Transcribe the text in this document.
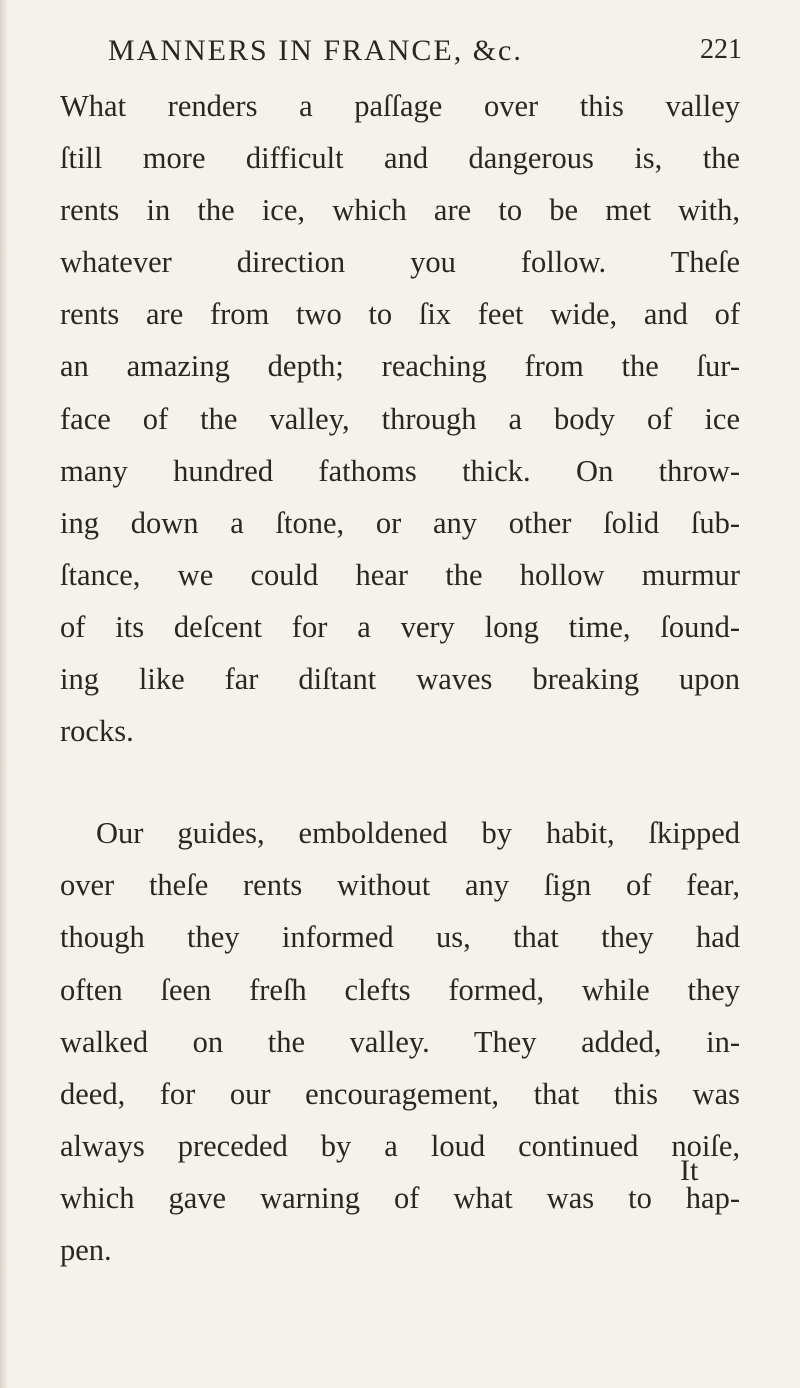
MANNERS IN FRANCE, &c.	221
What renders a paſſage over this valley
ſtill more difficult and dangerous is, the
rents in the ice, which are to be met with,
whatever direction you follow. Theſe
rents are from two to ſix feet wide, and of
an amazing depth; reaching from the ſur-
face of the valley, through a body of ice
many hundred fathoms thick. On throw-
ing down a ſtone, or any other ſolid ſub-
ſtance, we could hear the hollow murmur
of its deſcent for a very long time, ſound-
ing like far diſtant waves breaking upon
rocks.
Our guides, emboldened by habit, ſkipped
over theſe rents without any ſign of fear,
though they informed us, that they had
often ſeen freſh clefts formed, while they
walked on the valley. They added, in-
deed, for our encouragement, that this was
always preceded by a loud continued noiſe,
which gave warning of what was to hap-
pen.
It
